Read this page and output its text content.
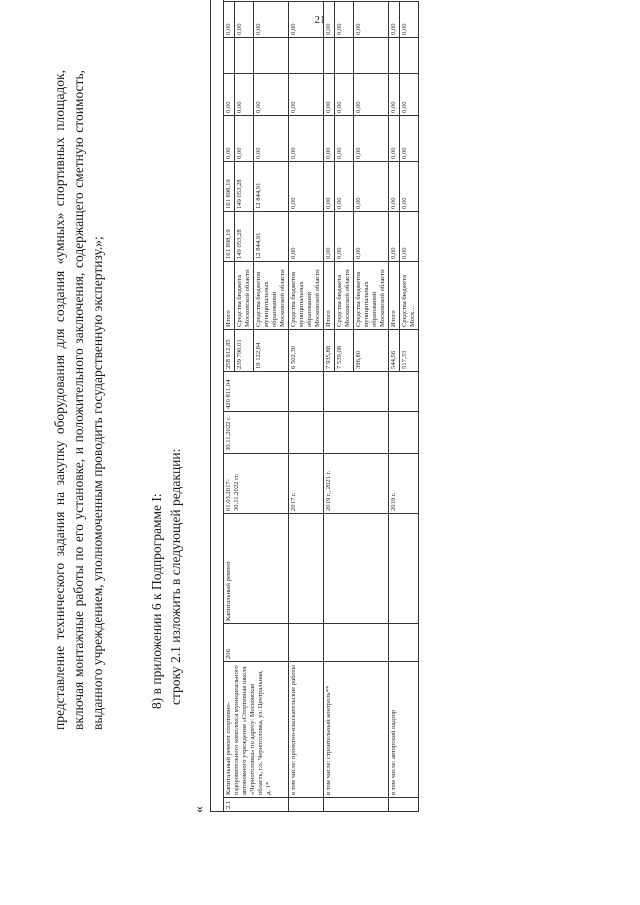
21
представление технического задания на закупку оборудования для создания «умных» спортивных площадок, включая монтажные работы по его установке, и положительного заключения, содержащего сметную стоимость, выданного учреждением, уполномоченным проводить государственную экспертизу.»;	8) в приложении 6 к Подпрограмме I: строку 2.1 изложить в следующей редакции:
«

2.1	Капитальный ремонт спортивно-оздоровительного комплекса муниципального автономного учреждения «Спортивная школа «Черноголовка» по адресу: Московская область, г.о. Черноголовка, ул. Центральная, д. 1*	206	Капитальный ремонт	01.03.2017-30.11.2022 гг.	30.11.2022 г.	420 811,04	258 912,85	Итого	161 898,19	161 898,19	0,00	0,00		0,00
							239 790,01	Средства бюджета Московской области	149 053,28	149 053,28	0,00	0,00		0,00
							19 122,84	Средства бюджетов муниципальных образований Московской области	12 844,91	12 844,91	0,00	0,00		0,00
	в том числе: проектно-изыскательские работы			2017 г.			6 502,30	Средства бюджетов муниципальных образований Московской области	0,00	0,00	0,00	0,00		0,00
	в том числе: строительный контроль**			2019 г., 2021 г.			7 935,88	Итого	0,00	0,00	0,00	0,00		0,00
							7 539,08	Средства бюджета Московской области	0,00	0,00	0,00	0,00		0,00
							396,80	Средства бюджетов муниципальных образований Московской области	0,00	0,00	0,00	0,00		0,00
	в том числе: авторский надзор			2019 г.			544,56	Итого	0,00	0,00	0,00	0,00		0,00
							517,33	Средства бюджета Моск…	0,00	0,00	0,00	0,00		0,00
